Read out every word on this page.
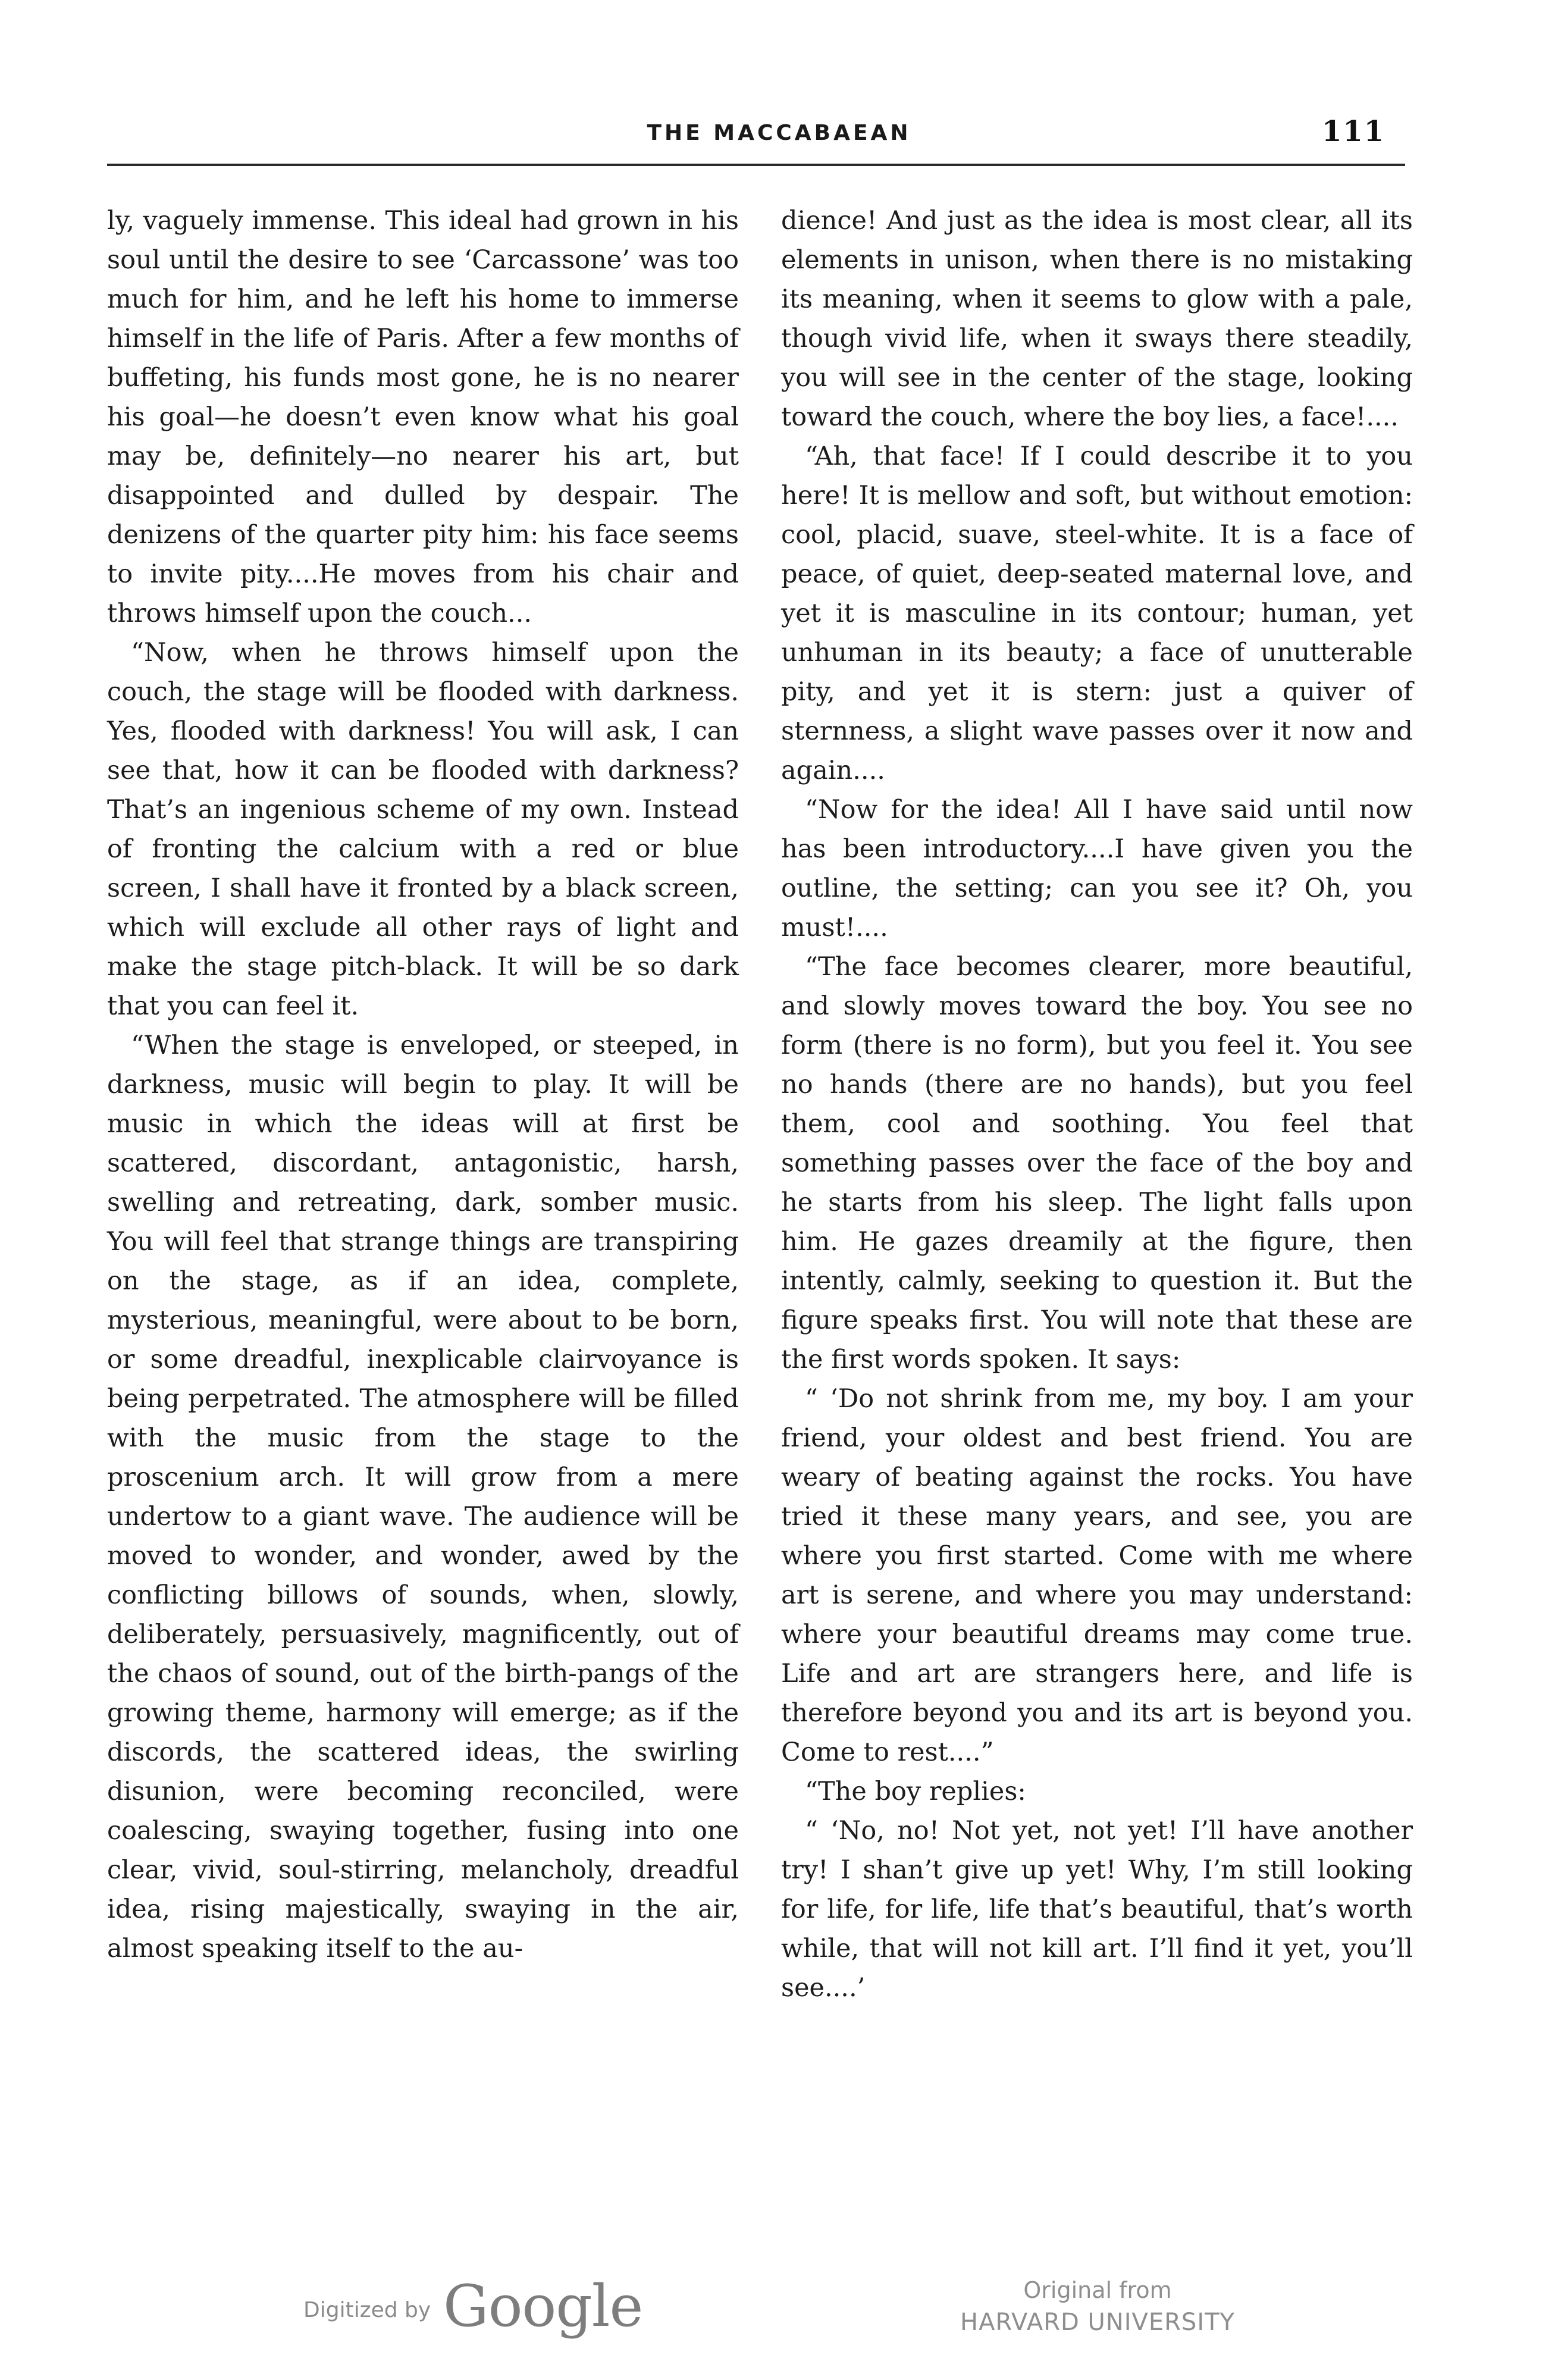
THE MACCABAEAN	111

ly, vaguely immense. This ideal had grown in his soul until the desire to see ‘Carcassone’ was too much for him, and he left his home to immerse himself in the life of Paris. After a few months of buffeting, his funds most gone, he is no nearer his goal—he doesn’t even know what his goal may be, definitely—no nearer his art, but disappointed and dulled by despair. The denizens of the quarter pity him: his face seems to invite pity....He moves from his chair and throws himself upon the couch...

“Now, when he throws himself upon the couch, the stage will be flooded with darkness. Yes, flooded with darkness! You will ask, I can see that, how it can be flooded with darkness? That’s an ingenious scheme of my own. Instead of fronting the calcium with a red or blue screen, I shall have it fronted by a black screen, which will exclude all other rays of light and make the stage pitch-black. It will be so dark that you can feel it.

“When the stage is enveloped, or steeped, in darkness, music will begin to play. It will be music in which the ideas will at first be scattered, discordant, antagonistic, harsh, swelling and retreating, dark, somber music. You will feel that strange things are transpiring on the stage, as if an idea, complete, mysterious, meaningful, were about to be born, or some dreadful, inexplicable clairvoyance is being perpetrated. The atmosphere will be filled with the music from the stage to the proscenium arch. It will grow from a mere undertow to a giant wave. The audience will be moved to wonder, and wonder, awed by the conflicting billows of sounds, when, slowly, deliberately, persuasively, magnificently, out of the chaos of sound, out of the birth-pangs of the growing theme, harmony will emerge; as if the discords, the scattered ideas, the swirling disunion, were becoming reconciled, were coalescing, swaying together, fusing into one clear, vivid, soul-stirring, melancholy, dreadful idea, rising majestically, swaying in the air, almost speaking itself to the au-

dience! And just as the idea is most clear, all its elements in unison, when there is no mistaking its meaning, when it seems to glow with a pale, though vivid life, when it sways there steadily, you will see in the center of the stage, looking toward the couch, where the boy lies, a face!....

“Ah, that face! If I could describe it to you here! It is mellow and soft, but without emotion: cool, placid, suave, steel-white. It is a face of peace, of quiet, deep-seated maternal love, and yet it is masculine in its contour; human, yet unhuman in its beauty; a face of unutterable pity, and yet it is stern: just a quiver of sternness, a slight wave passes over it now and again....

“Now for the idea! All I have said until now has been introductory....I have given you the outline, the setting; can you see it? Oh, you must!....

“The face becomes clearer, more beautiful, and slowly moves toward the boy. You see no form (there is no form), but you feel it. You see no hands (there are no hands), but you feel them, cool and soothing. You feel that something passes over the face of the boy and he starts from his sleep. The light falls upon him. He gazes dreamily at the figure, then intently, calmly, seeking to question it. But the figure speaks first. You will note that these are the first words spoken. It says:

“ ‘Do not shrink from me, my boy. I am your friend, your oldest and best friend. You are weary of beating against the rocks. You have tried it these many years, and see, you are where you first started. Come with me where art is serene, and where you may understand: where your beautiful dreams may come true. Life and art are strangers here, and life is therefore beyond you and its art is beyond you. Come to rest....”

“The boy replies:

“ ‘No, no! Not yet, not yet! I’ll have another try! I shan’t give up yet! Why, I’m still looking for life, for life, life that’s beautiful, that’s worth while, that will not kill art. I’ll find it yet, you’ll see....’

Digitized by Google	Original from
HARVARD UNIVERSITY
